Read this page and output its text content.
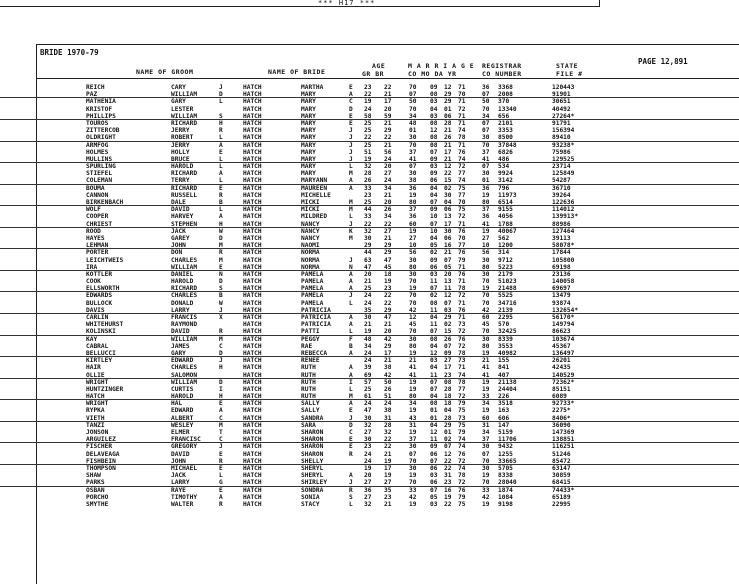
*** H17 ***
BRIDE 1970-79
PAGE 12,891
NAME OF GROOM	NAME OF BRIDE
AGE
GR BR
M A R R I A G E
CO MO DA YR
REGISTRAR
CO NUMBER
STATE
FILE #
REICH	CARY	J	HATCH	MARTHA	E 23 22	70 09 12 71	36 3368	120443
PAZ	WILLIAM	D	HATCH	MARY	A 22 21	07 08 29 70	07 2008	91901
MATHENIA	GARY	L	HATCH	MARY	C 19 17	50 03 29 71	50 370	30651
KRISTOF	LESTER	HATCH	MARY	D 24 20	70 04 01 72	70 13340	40492
PHILLIPS	WILLIAM	S	HATCH	MARY	E 58 59	34 03 06 71	34 656	27264*
TOUROS	RICHARD	H	HATCH	MARY	E 25 21	48 08 28 71	07 2101	91791
ZITTERCOB	JERRY	R	HATCH	MARY	J 25 29	01 12 21 74	07 3353	156394
OLDRIGHT	ROBERT	L	HATCH	MARY	J 22 22	30 08 26 78	30 8500	89410
ARMFOG	JERRY	A	HATCH	MARY	J 25 21	70 08 21 71	70 37848	93238*
HOLMES	HOLLY	E	HATCH	MARY	J 51 56	37 07 17 76	37 6826	75986
MULLINS	BRUCE	L	HATCH	MARY	J 19 24	41 09 21 74	41 486	129525
SPURLING	HAROLD	L	HATCH	MARY	L 32 20	07 03 12 72	07 534	23714
STIEFEL	RICHARD	A	HATCH	MARY	M 28 27	30 09 22 77	30 9924	125849
COLEMAN	TERRY	L	HATCH	MARYANN	A 26 24	38 06 15 74	01 3142	54287
BOUMA	RICHARD	E	HATCH	MAUREEN	A 33 34	36 04 02 75	36 796	36710
CANNON	RUSSELL	R	HATCH	MICHELLE	23 21	19 04 30 77	19 11973	39264
BIRKENBACH	DALE	B	HATCH	MICKI	M 25 20	80 07 04 70	80 6514	122636
WOLF	DAVID	L	HATCH	MICKI	M 44 26	37 09 06 75	37 9155	114012
COOPER	HARVEY	A	HATCH	MILDRED	L 33 34	36 10 13 72	36 4056	139913*
CHRIEST	STEPHEN	H	HATCH	NANCY	J 22 22	60 07 17 71	41 1788	88986
ROOD	JACK	W	HATCH	NANCY	K 32 27	19 10 30 76	19 40067	127464
HAYES	GAREY	D	HATCH	NANCY	M 30 21	27 04 06 70	27 562	39113
LEHMAN	JOHN	M	HATCH	NAOMI	29 29	10 05 16 77	10 1200	58078*
PORTER	DON	R	HATCH	NORMA	44 29	56 02 21 76	56 314	17844
LEICHTWEIS	CHARLES	M	HATCH	NORMA	J 63 47	30 09 07 79	30 9712	105800
IRA	WILLIAM	E	HATCH	NORMA	N 47 45	80 06 05 71	80 5223	69198
KOTTLER	DANIEL	N	HATCH	PAMELA	A 20 18	30 03 20 76	30 2179	23136
COOK	HAROLD	D	HATCH	PAMELA	A 21 19	70 11 13 71	70 51023	140058
ELLSWORTH	RICHARD	S	HATCH	PAMELA	A 25 23	19 07 11 78	19 21488	69697
EDWARDS	CHARLES	B	HATCH	PAMELA	J 24 22	70 02 12 72	70 5525	13479
BULLOCK	DONALD	W	HATCH	PAMELA	L 24 22	70 08 07 71	70 34716	93874
DAVIS	LARRY	J	HATCH	PATRICIA	35 29	42 11 03 76	42 2139	132654*
CARLIN	FRANCIS	X	HATCH	PATRICIA	A 30 47	12 04 29 71	60 2295	56170*
WHITEHURST	RAYMOND	HATCH	PATRICIA	A 21 21	45 11 02 73	45 570	149794
KOLINSKI	DAVID	R	HATCH	PATTI	L 19 20	70 07 15 72	70 32425	86623
KAY	WILLIAM	M	HATCH	PEGGY	F 48 42	30 08 26 76	30 8339	103674
CABRAL	JAMES	C	HATCH	RAE	B 34 29	80 04 07 72	80 3553	45367
BELLUCCI	GARY	D	HATCH	REBECCA	A 24 17	19 12 09 78	19 40982	136497
KIRTLEY	EDWARD	J	HATCH	RENEE	24 21	21 03 27 73	21 155	26201
HAIR	CHARLES	H	HATCH	RUTH	A 39 38	41 04 17 71	41 841	42435
OLLIE	SALOMON	HATCH	RUTH	A 69 42	41 11 23 74	41 407	140529
WRIGHT	WILLIAM	D	HATCH	RUTH	I 57 50	19 07 08 78	19 21138	72362*
HUNTZINGER	CURTIS	I	HATCH	RUTH	L 25 26	19 07 28 77	19 24404	85151
HATCH	HAROLD	H	HATCH	RUTH	M 61 51	80 04 18 72	33 226	6089
WRIGHT	HAL	E	HATCH	SALLY	A 24 24	34 08 18 79	34 3518	92733*
RYPKA	EDWARD	A	HATCH	SALLY	E 47 38	19 01 04 75	19 163	2275*
VIETH	ALBERT	C	HATCH	SANDRA	J 30 31	43 01 28 73	60 606	8406*
TANZI	WESLEY	M	HATCH	SARA	D 32 28	31 04 29 75	31 147	36090
JONSON	ELMER	T	HATCH	SHARON	C 27 32	19 12 01 79	34 5159	147369
ARGUILEZ	FRANCISC	C	HATCH	SHARON	E 30 22	37 11 02 74	37 11706	138851
FISCHER	GREGORY	J	HATCH	SHARON	E 23 22	30 09 07 74	30 9432	116251
DELAVEAGA	DAVID	E	HATCH	SHARON	R 24 21	07 06 12 76	07 1255	51246
FISHBEIN	JOHN	R	HATCH	SHELLY	24 19	70 07 22 72	70 33665	85472
THOMPSON	MICHAEL	E	HATCH	SHERYL	19 17	30 06 22 74	30 5705	63147
SHAW	JACK	L	HATCH	SHERYL	A 20 19	19 03 31 78	19 8338	30859
PARKS	LARRY	G	HATCH	SHIRLEY	J 27 27	70 06 23 72	70 28040	68415
OSBAN	RAYE	E	HATCH	SONDRA	R 36 35	33 07 16 76	33 1874	74433*
PORCHO	TIMOTHY	A	HATCH	SONIA	S 27 23	42 05 19 79	42 1084	65189
SMYTHE	WALTER	R	HATCH	STACY	L 32 21	19 03 22 75	19 9198	22995
